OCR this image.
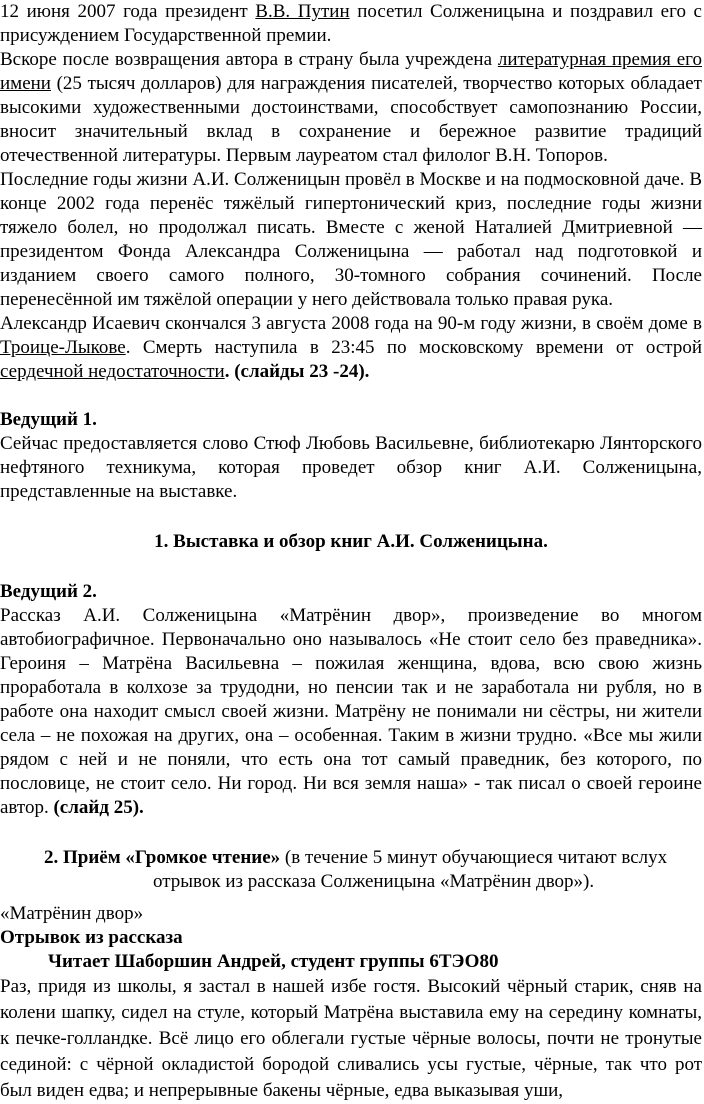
12 июня 2007 года президент В.В. Путин посетил Солженицына и поздравил его с присуждением Государственной премии.

Вскоре после возвращения автора в страну была учреждена литературная премия его имени (25 тысяч долларов) для награждения писателей, творчество которых обладает высокими художественными достоинствами, способствует самопознанию России, вносит значительный вклад в сохранение и бережное развитие традиций отечественной литературы. Первым лауреатом стал филолог В.Н. Топоров.

Последние годы жизни А.И. Солженицын провёл в Москве и на подмосковной даче. В конце 2002 года перенёс тяжёлый гипертонический криз, последние годы жизни тяжело болел, но продолжал писать. Вместе с женой Наталией Дмитриевной — президентом Фонда Александра Солженицына — работал над подготовкой и изданием своего самого полного, 30-томного собрания сочинений. После перенесённой им тяжёлой операции у него действовала только правая рука.

Александр Исаевич скончался 3 августа 2008 года на 90-м году жизни, в своём доме в Троице-Лыкове. Смерть наступила в 23:45 по московскому времени от острой сердечной недостаточности. (слайды 23 -24).

Ведущий 1.

Сейчас предоставляется слово Стюф Любовь Васильевне, библиотекарю Лянторского нефтяного техникума, которая проведет обзор книг А.И. Солженицына, представленные на выставке.

1. Выставка и обзор книг А.И. Солженицына.

Ведущий 2.

Рассказ А.И. Солженицына «Матрёнин двор», произведение во многом автобиографичное. Первоначально оно называлось «Не стоит село без праведника». Героиня – Матрёна Васильевна – пожилая женщина, вдова, всю свою жизнь проработала в колхозе за трудодни, но пенсии так и не заработала ни рубля, но в работе она находит смысл своей жизни. Матрёну не понимали ни сёстры, ни жители села – не похожая на других, она – особенная. Таким в жизни трудно. «Все мы жили рядом с ней и не поняли, что есть она тот самый праведник, без которого, по пословице, не стоит село. Ни город. Ни вся земля наша» - так писал о своей героине автор. (слайд 25).

2. Приём «Громкое чтение» (в течение 5 минут обучающиеся читают вслух

отрывок из рассказа Солженицына «Матрёнин двор»).

«Матрёнин двор»

Отрывок из рассказа

Читает Шаборшин Андрей, студент группы 6ТЭО80

Раз, придя из школы, я застал в нашей избе гостя. Высокий чёрный старик, сняв на колени шапку, сидел на стуле, который Матрёна выставила ему на середину комнаты, к печке-голландке. Всё лицо его облегали густые чёрные волосы, почти не тронутые сединой: с чёрной окладистой бородой сливались усы густые, чёрные, так что рот был виден едва; и непрерывные бакены чёрные, едва выказывая уши,
